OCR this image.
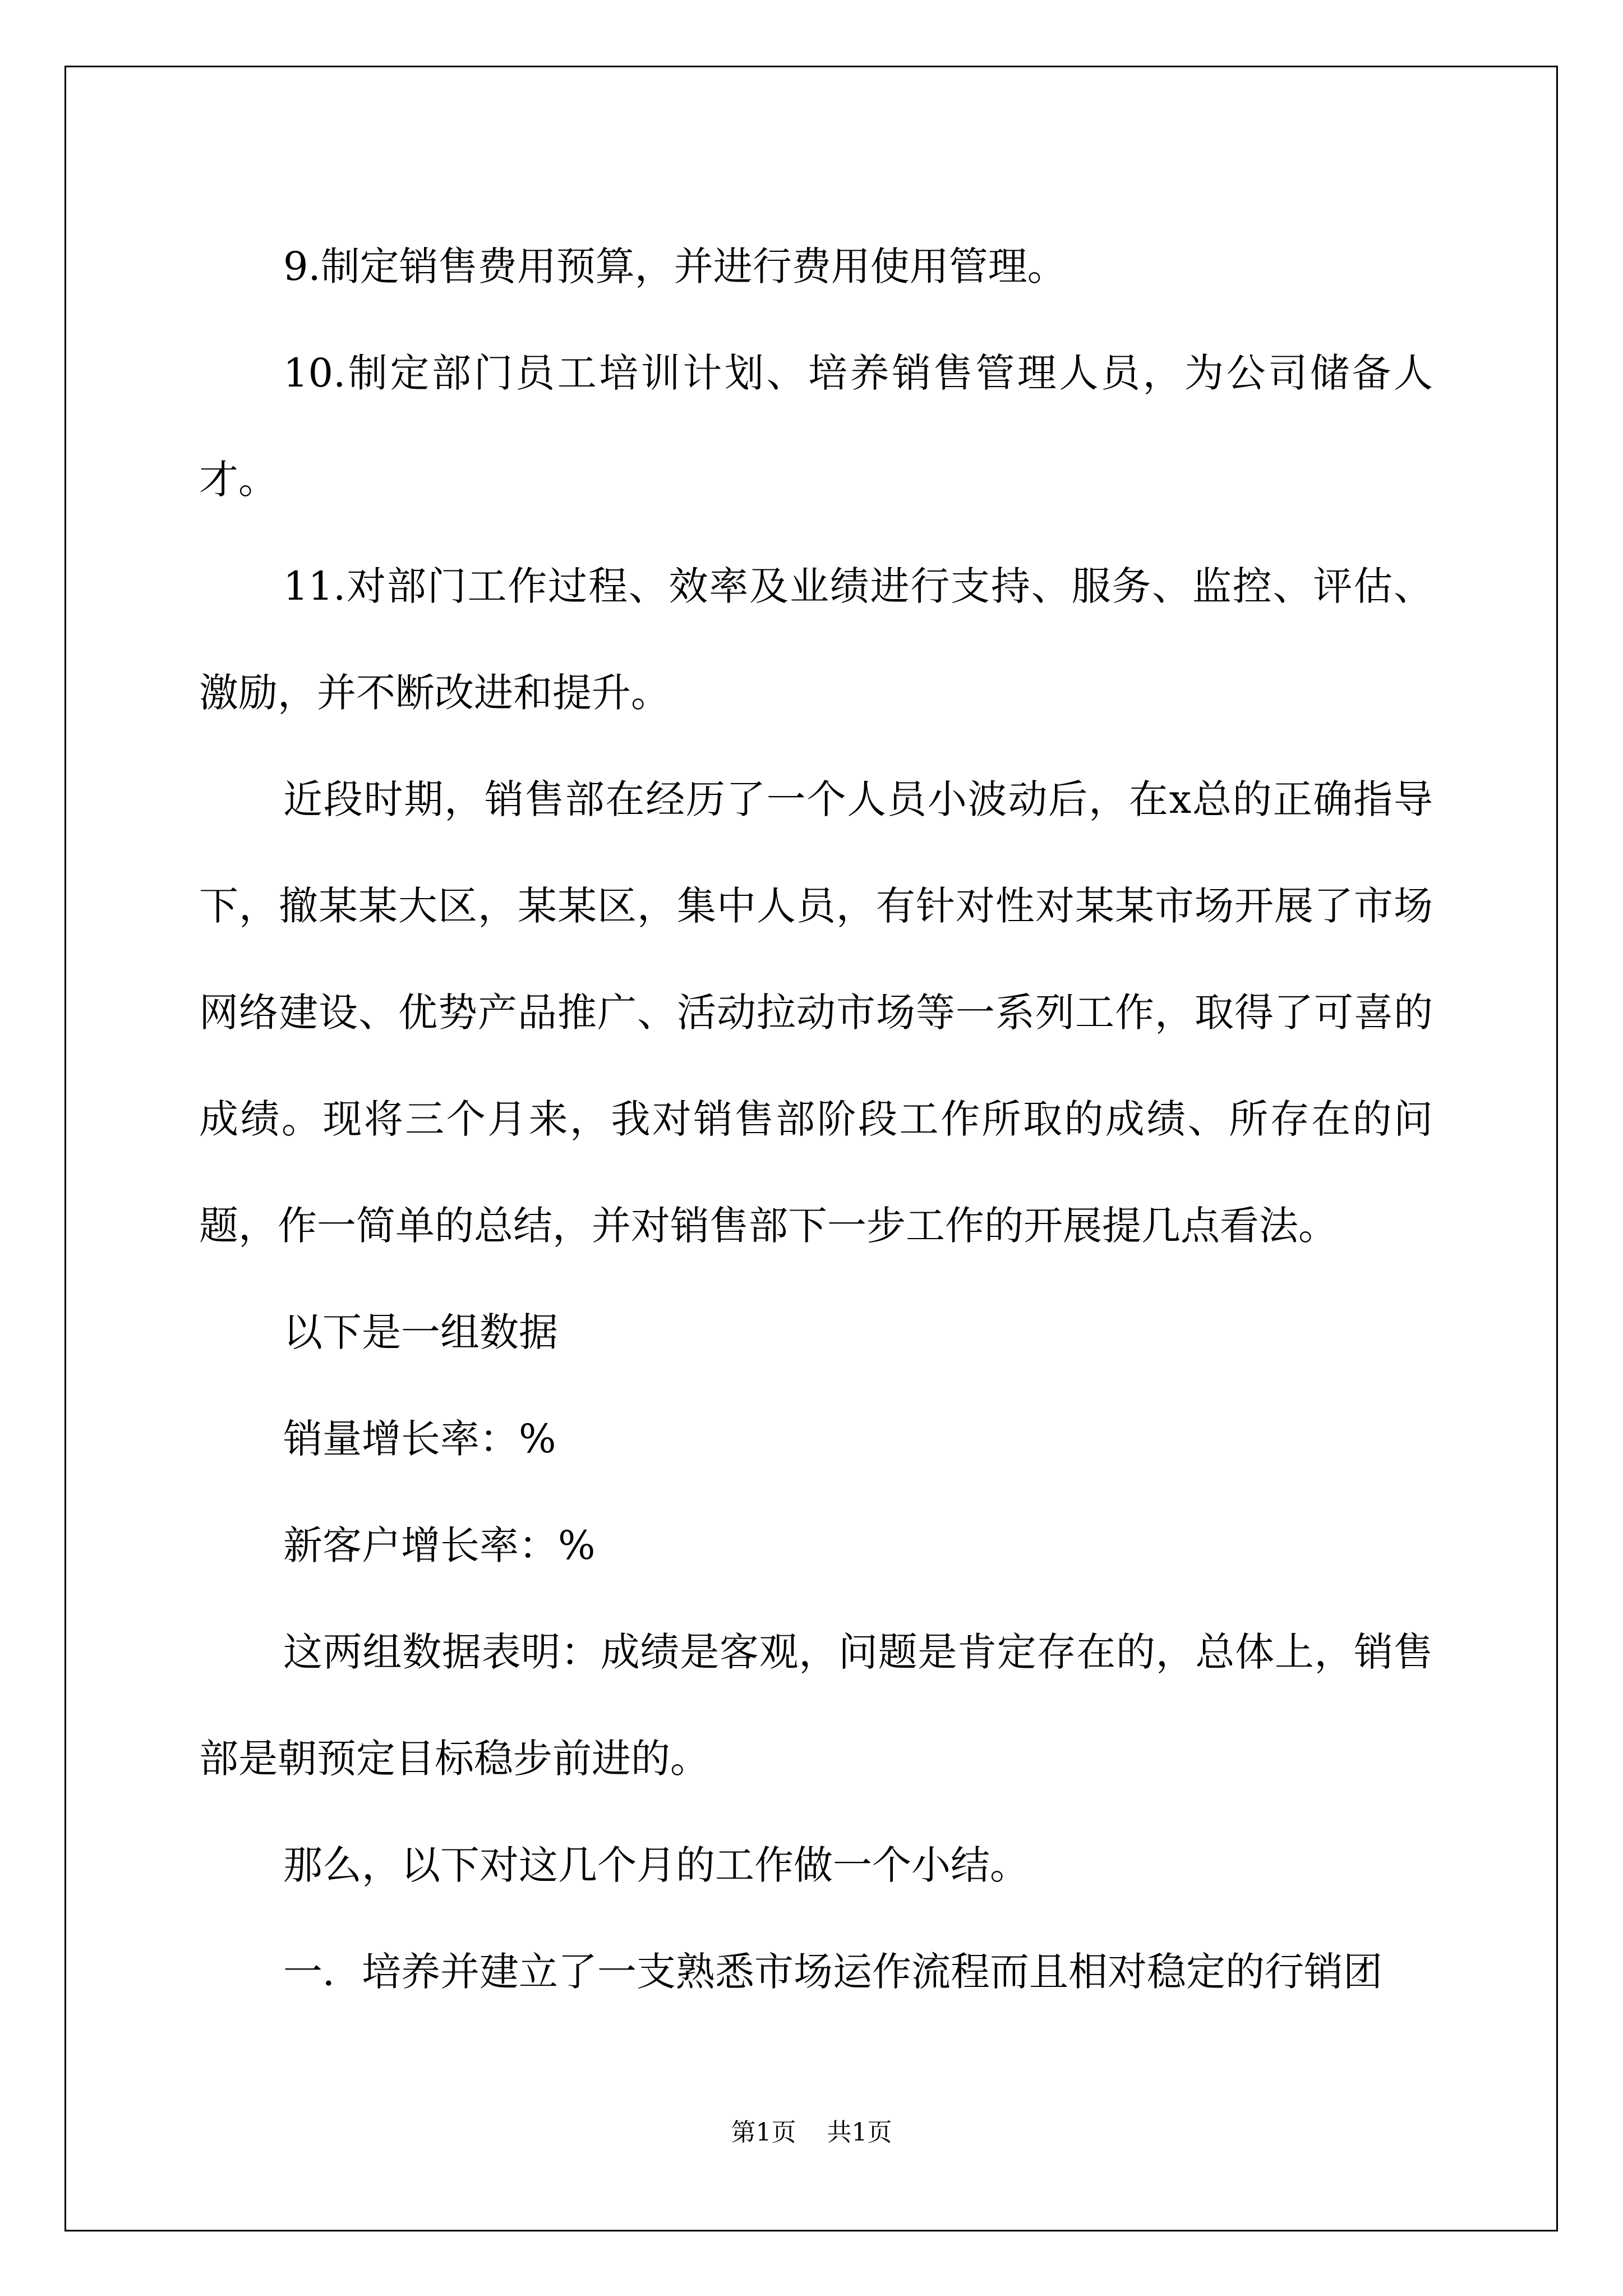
9.制定销售费用预算，并进行费用使用管理。

10.制定部门员工培训计划、培养销售管理人员，为公司储备人才。

11.对部门工作过程、效率及业绩进行支持、服务、监控、评估、激励，并不断改进和提升。

近段时期，销售部在经历了一个人员小波动后，在x总的正确指导下，撤某某大区，某某区，集中人员，有针对性对某某市场开展了市场网络建设、优势产品推广、活动拉动市场等一系列工作，取得了可喜的成绩。现将三个月来，我对销售部阶段工作所取的成绩、所存在的问题，作一简单的总结，并对销售部下一步工作的开展提几点看法。

以下是一组数据

销量增长率：%

新客户增长率：%

这两组数据表明：成绩是客观，问题是肯定存在的，总体上，销售部是朝预定目标稳步前进的。

那么，以下对这几个月的工作做一个小结。

一．培养并建立了一支熟悉市场运作流程而且相对稳定的行销团

第1页 共1页
